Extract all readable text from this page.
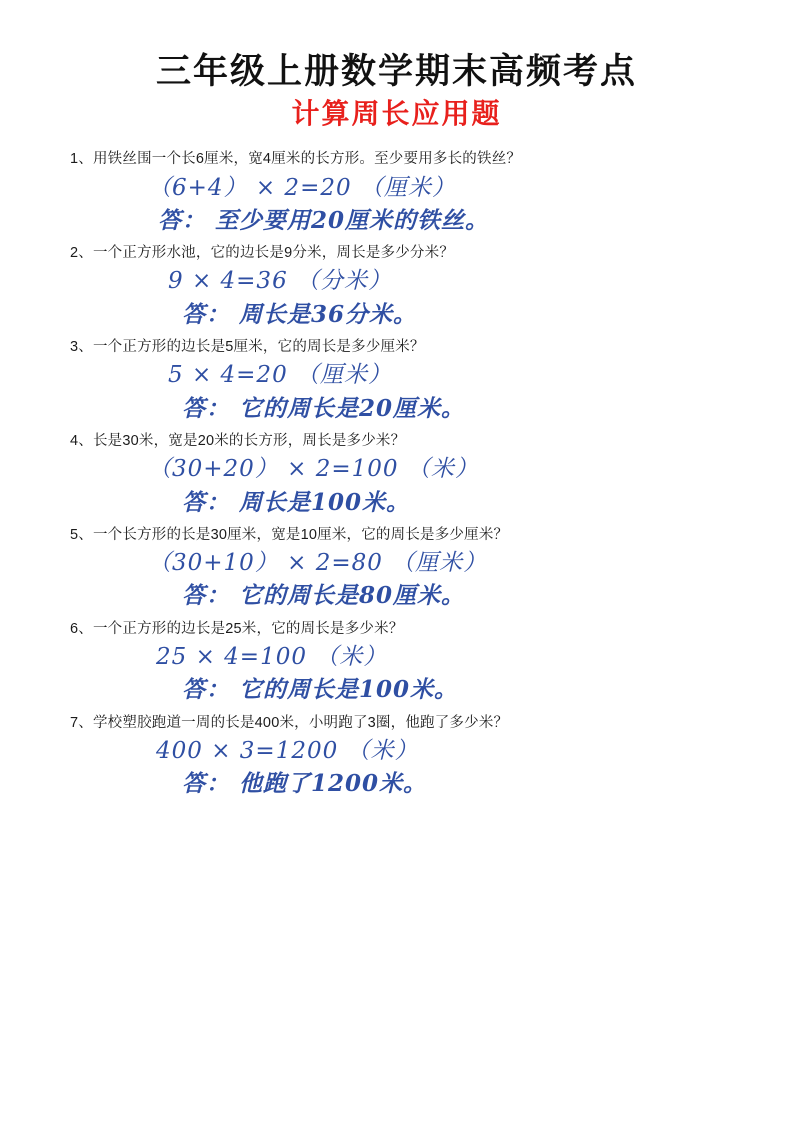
三年级上册数学期末高频考点
计算周长应用题
1、用铁丝围一个长6厘米，宽4厘米的长方形。至少要用多长的铁丝？
（6+4） × 2=20 （厘米）
答： 至少要用20厘米的铁丝。
2、一个正方形水池，它的边长是9分米，周长是多少分米？
9 × 4=36 （分米）
答： 周长是36分米。
3、一个正方形的边长是5厘米，它的周长是多少厘米？
5 × 4=20 （厘米）
答： 它的周长是20厘米。
4、长是30米，宽是20米的长方形，周长是多少米？
（30+20） × 2=100 （米）
答： 周长是100米。
5、一个长方形的长是30厘米，宽是10厘米，它的周长是多少厘米？
（30+10） × 2=80 （厘米）
答： 它的周长是80厘米。
6、一个正方形的边长是25米，它的周长是多少米？
25 × 4=100 （米）
答： 它的周长是100米。
7、学校塑胶跑道一周的长是400米，小明跑了3圈，他跑了多少米？
400 × 3=1200 （米）
答： 他跑了1200米。
